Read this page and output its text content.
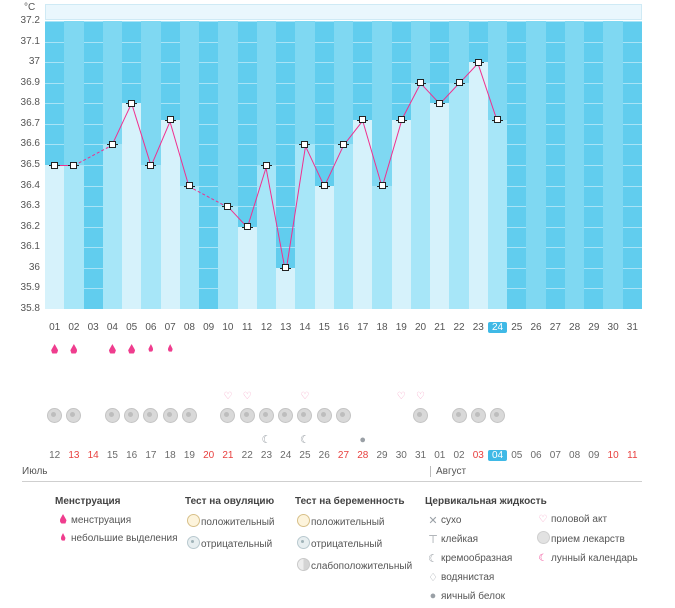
°C
01 02 03 04 05 06 07 08 09 10 11 12 13 14 15 16 17 18 19 20 21 22 23 24 25 26 27 28 29 30 31
37.2
37.1
37
36.9
36.8
36.7
36.6
36.5
36.4
36.3
36.2
36.1
36
35.9
35.8
♡	♡	♡	♡	♡
☾	☾	●
12 13 14 15 16 17 18 19 20 21 22 23 24 25 26 27 28 29 30 31 01 02 03 04 05 06 07 08 09 10 11
Июль	Август
Менструация
менструация
небольшие выделения
Тест на овуляцию
положительный
отрицательный
Тест на беременность
положительный
отрицательный
слабоположительный
Цервикальная жидкость
✕ сухо
⊤ клейкая
☾ кремообразная
♢ водянистая
● яичный белок

♡ половой акт
прием лекарств
☾ лунный календарь
